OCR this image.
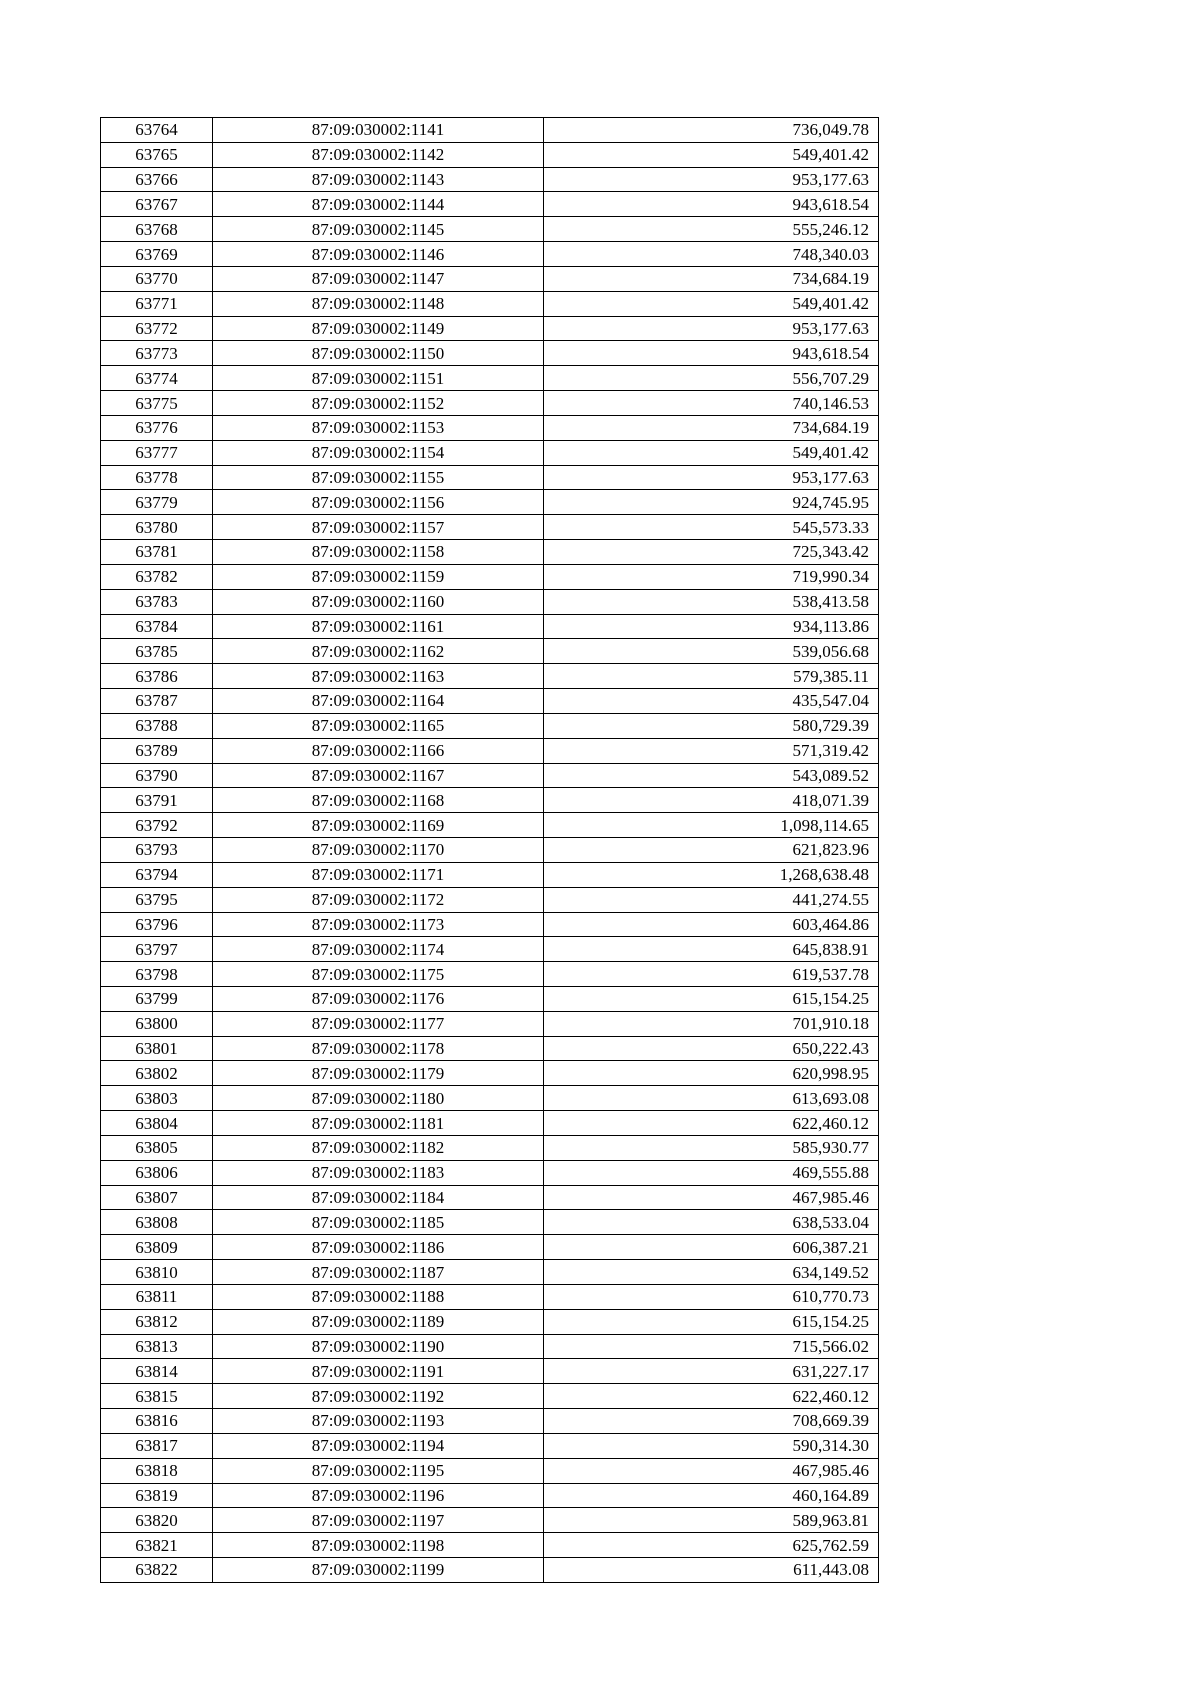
63764	87:09:030002:1141	736,049.78
63765	87:09:030002:1142	549,401.42
63766	87:09:030002:1143	953,177.63
63767	87:09:030002:1144	943,618.54
63768	87:09:030002:1145	555,246.12
63769	87:09:030002:1146	748,340.03
63770	87:09:030002:1147	734,684.19
63771	87:09:030002:1148	549,401.42
63772	87:09:030002:1149	953,177.63
63773	87:09:030002:1150	943,618.54
63774	87:09:030002:1151	556,707.29
63775	87:09:030002:1152	740,146.53
63776	87:09:030002:1153	734,684.19
63777	87:09:030002:1154	549,401.42
63778	87:09:030002:1155	953,177.63
63779	87:09:030002:1156	924,745.95
63780	87:09:030002:1157	545,573.33
63781	87:09:030002:1158	725,343.42
63782	87:09:030002:1159	719,990.34
63783	87:09:030002:1160	538,413.58
63784	87:09:030002:1161	934,113.86
63785	87:09:030002:1162	539,056.68
63786	87:09:030002:1163	579,385.11
63787	87:09:030002:1164	435,547.04
63788	87:09:030002:1165	580,729.39
63789	87:09:030002:1166	571,319.42
63790	87:09:030002:1167	543,089.52
63791	87:09:030002:1168	418,071.39
63792	87:09:030002:1169	1,098,114.65
63793	87:09:030002:1170	621,823.96
63794	87:09:030002:1171	1,268,638.48
63795	87:09:030002:1172	441,274.55
63796	87:09:030002:1173	603,464.86
63797	87:09:030002:1174	645,838.91
63798	87:09:030002:1175	619,537.78
63799	87:09:030002:1176	615,154.25
63800	87:09:030002:1177	701,910.18
63801	87:09:030002:1178	650,222.43
63802	87:09:030002:1179	620,998.95
63803	87:09:030002:1180	613,693.08
63804	87:09:030002:1181	622,460.12
63805	87:09:030002:1182	585,930.77
63806	87:09:030002:1183	469,555.88
63807	87:09:030002:1184	467,985.46
63808	87:09:030002:1185	638,533.04
63809	87:09:030002:1186	606,387.21
63810	87:09:030002:1187	634,149.52
63811	87:09:030002:1188	610,770.73
63812	87:09:030002:1189	615,154.25
63813	87:09:030002:1190	715,566.02
63814	87:09:030002:1191	631,227.17
63815	87:09:030002:1192	622,460.12
63816	87:09:030002:1193	708,669.39
63817	87:09:030002:1194	590,314.30
63818	87:09:030002:1195	467,985.46
63819	87:09:030002:1196	460,164.89
63820	87:09:030002:1197	589,963.81
63821	87:09:030002:1198	625,762.59
63822	87:09:030002:1199	611,443.08
